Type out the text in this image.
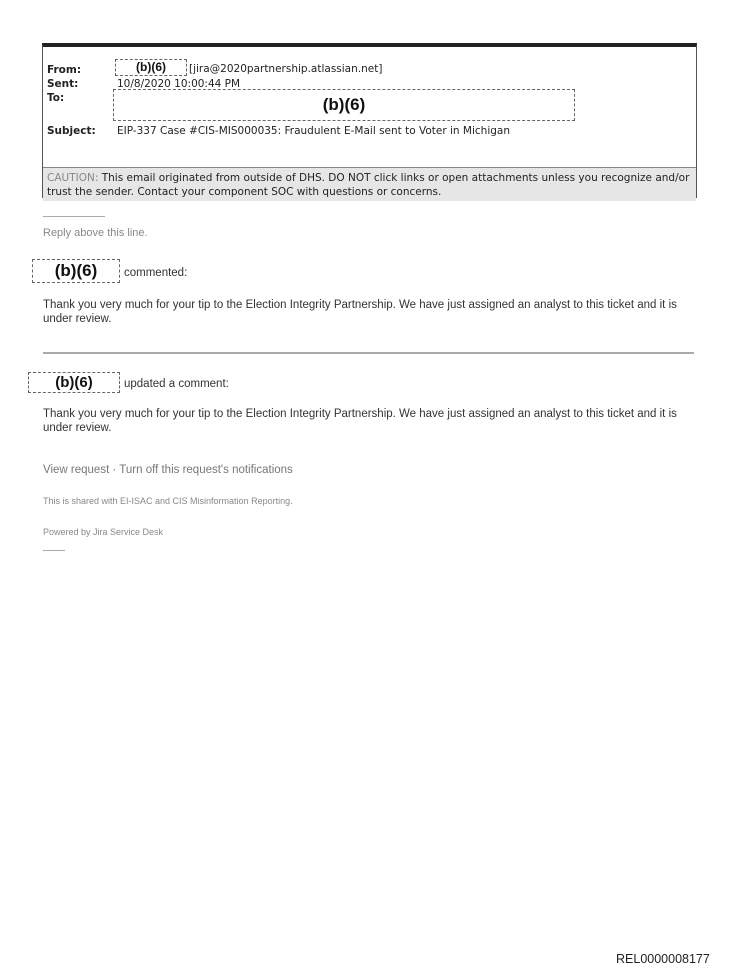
From:	(b)(6)	[jira@2020partnership.atlassian.net]
Sent:	10/8/2020 10:00:44 PM
To:	(b)(6)
Subject: EIP-337 Case #CIS-MIS000035: Fraudulent E-Mail sent to Voter in Michigan
CAUTION: This email originated from outside of DHS. DO NOT click links or open attachments unless you recognize and/or trust the sender. Contact your component SOC with questions or concerns.
Reply above this line.
(b)(6)	commented:
Thank you very much for your tip to the Election Integrity Partnership. We have just assigned an analyst to this ticket and it is under review.
(b)(6)	updated a comment:
Thank you very much for your tip to the Election Integrity Partnership. We have just assigned an analyst to this ticket and it is under review.
View request · Turn off this request's notifications
This is shared with EI-ISAC and CIS Misinformation Reporting.
Powered by Jira Service Desk
REL0000008177
